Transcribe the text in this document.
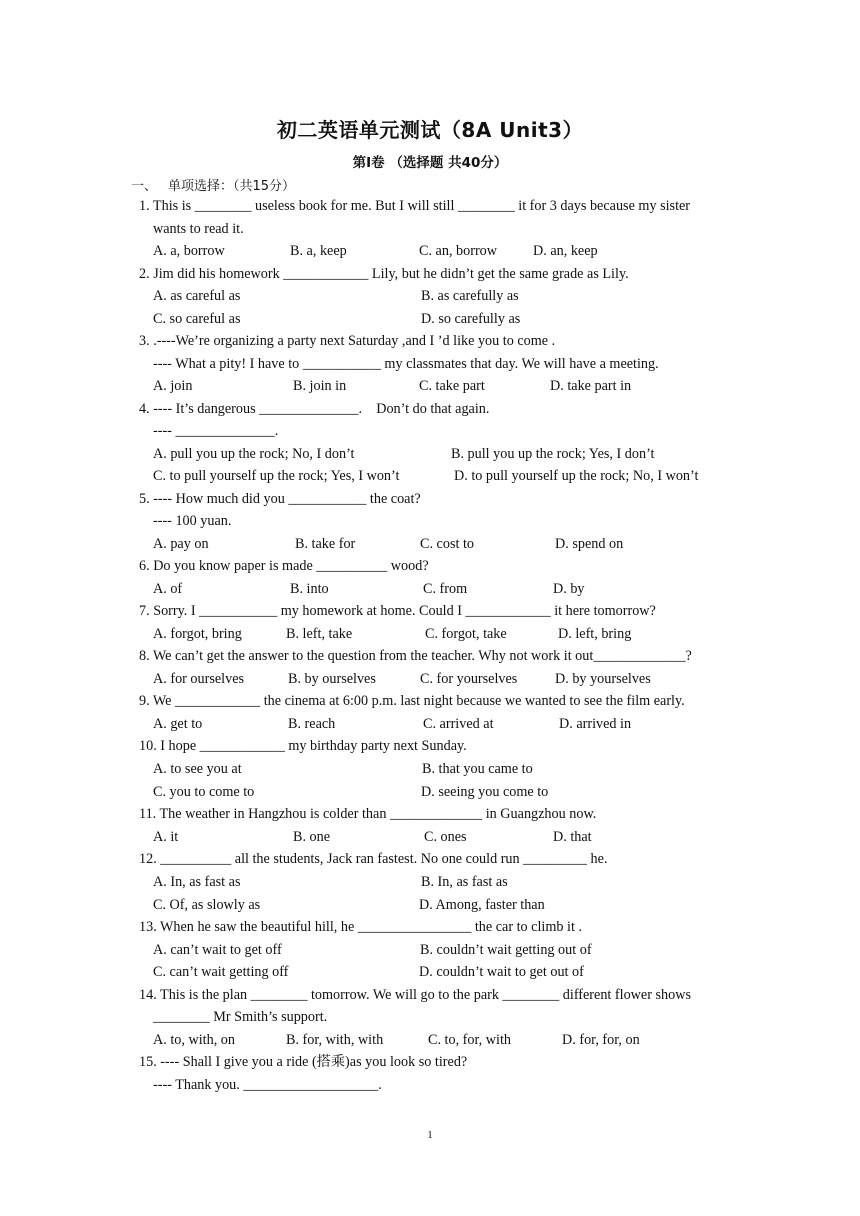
初二英语单元测试（8A Unit3）
第Ⅰ卷 （选择题 共40分）
一、 单项选择：（共15分）
1. This is ________ useless book for me. But I will still ________ it for 3 days because my sister
wants to read it.
A. a, borrow	B. a, keep	C. an, borrow	D. an, keep
2. Jim did his homework ____________ Lily, but he didn’t get the same grade as Lily.
A. as careful as	B. as carefully as
C. so careful as	D. so carefully as
3. .----We’re organizing a party next Saturday ,and I ’d like you to come .
---- What a pity! I have to ___________ my classmates that day. We will have a meeting.
A. join	B. join in	C. take part	D. take part in
4. ---- It’s dangerous ______________.　Don’t do that again.
---- ______________.
A. pull you up the rock; No, I don’t	B. pull you up the rock; Yes, I don’t
C. to pull yourself up the rock; Yes, I won’t	D. to pull yourself up the rock; No, I won’t
5. ---- How much did you ___________ the coat?
---- 100 yuan.
A. pay on	B. take for	C. cost to	D. spend on
6. Do you know paper is made __________ wood?
A. of	B. into	C. from	D. by
7. Sorry. I ___________ my homework at home. Could I ____________ it here tomorrow?
A. forgot, bring	B. left, take	C. forgot, take	D. left, bring
8. We can’t get the answer to the question from the teacher. Why not work it out_____________?
A. for ourselves	B. by ourselves	C. for yourselves	D. by yourselves
9. We ____________ the cinema at 6:00 p.m. last night because we wanted to see the film early.
A. get to	B. reach	C. arrived at	D. arrived in
10. I hope ____________ my birthday party next Sunday.
A. to see you at	B. that you came to
C. you to come to	D. seeing you come to
11. The weather in Hangzhou is colder than _____________ in Guangzhou now.
A. it	B. one	C. ones	D. that
12. __________ all the students, Jack ran fastest. No one could run _________ he.
A. In, as fast as	B. In, as fast as
C. Of, as slowly as	D. Among, faster than
13. When he saw the beautiful hill, he ________________ the car to climb it .
A. can’t wait to get off	B. couldn’t wait getting out of
C. can’t wait getting off	D. couldn’t wait to get out of
14. This is the plan ________ tomorrow. We will go to the park ________ different flower shows
________ Mr Smith’s support.
A. to, with, on	B. for, with, with	C. to, for, with	D. for, for, on
15. ---- Shall I give you a ride (搭乘)as you look so tired?
---- Thank you. ___________________.
1
